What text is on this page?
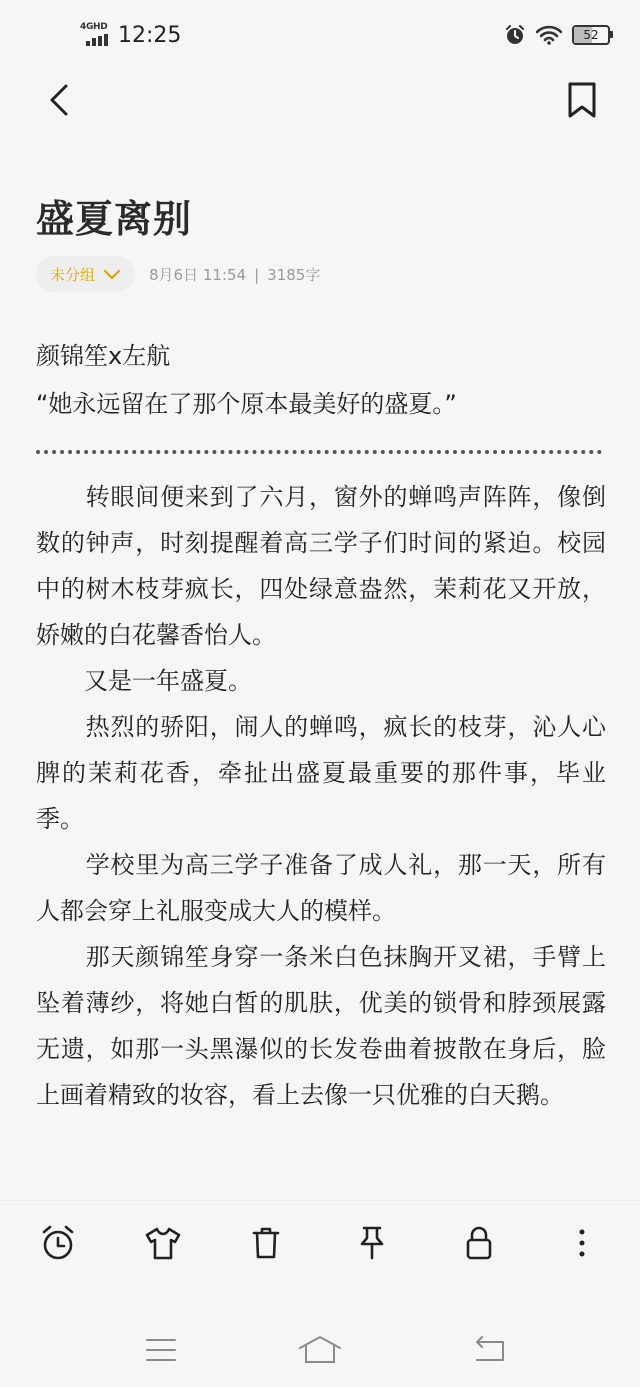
4GHD 12:25	52
盛夏离别
未分组	8月6日 11:54 | 3185字

颜锦笙x左航

“她永远留在了那个原本最美好的盛夏。”

　　转眼间便来到了六月，窗外的蝉鸣声阵阵，像倒数的钟声，时刻提醒着高三学子们时间的紧迫。校园中的树木枝芽疯长，四处绿意盎然，茉莉花又开放，娇嫩的白花馨香怡人。

　　又是一年盛夏。

　　热烈的骄阳，闹人的蝉鸣，疯长的枝芽，沁人心脾的茉莉花香，牵扯出盛夏最重要的那件事，毕业季。

　　学校里为高三学子准备了成人礼，那一天，所有人都会穿上礼服变成大人的模样。

　　那天颜锦笙身穿一条米白色抹胸开叉裙，手臂上坠着薄纱，将她白皙的肌肤，优美的锁骨和脖颈展露无遗，如那一头黑瀑似的长发卷曲着披散在身后，脸上画着精致的妆容，看上去像一只优雅的白天鹅。
